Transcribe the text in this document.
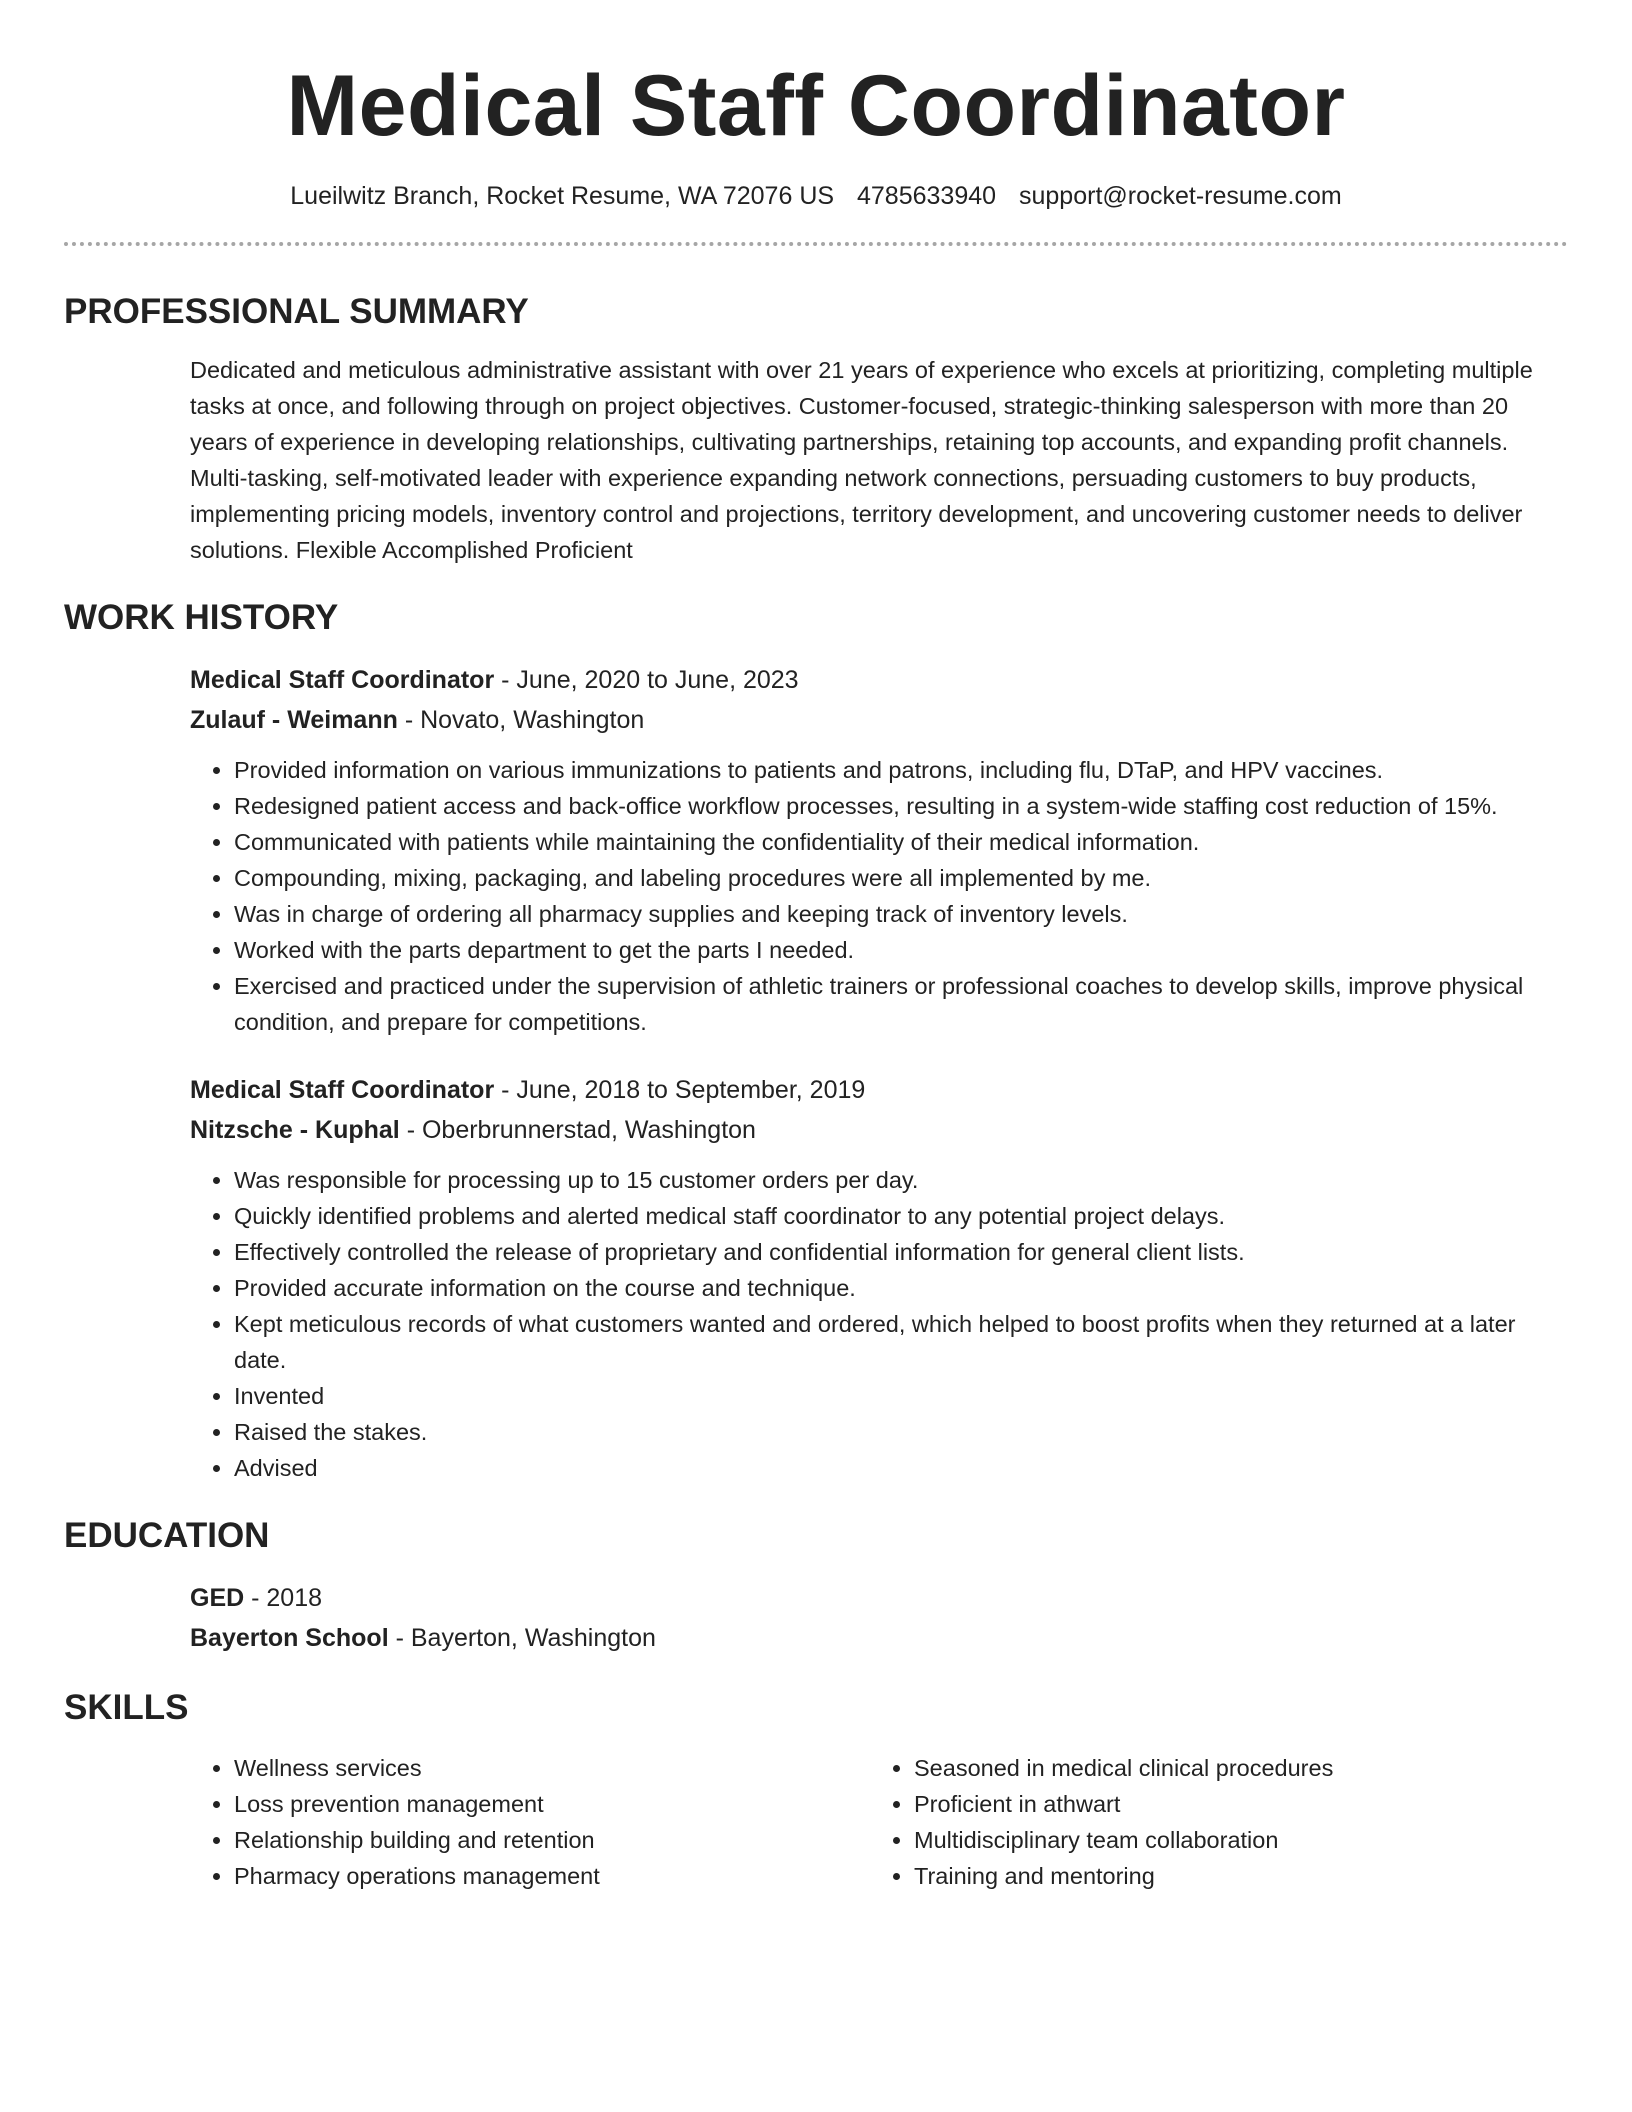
Medical Staff Coordinator
Lueilwitz Branch, Rocket Resume, WA 72076 US 4785633940 support@rocket-resume.com
PROFESSIONAL SUMMARY

Dedicated and meticulous administrative assistant with over 21 years of experience who excels at prioritizing, completing multiple tasks at once, and following through on project objectives. Customer-focused, strategic-thinking salesperson with more than 20 years of experience in developing relationships, cultivating partnerships, retaining top accounts, and expanding profit channels. Multi-tasking, self-motivated leader with experience expanding network connections, persuading customers to buy products, implementing pricing models, inventory control and projections, territory development, and uncovering customer needs to deliver solutions. Flexible Accomplished Proficient

WORK HISTORY
Medical Staff Coordinator - June, 2020 to June, 2023
Zulauf - Weimann - Novato, Washington
• Provided information on various immunizations to patients and patrons, including flu, DTaP, and HPV vaccines.
• Redesigned patient access and back-office workflow processes, resulting in a system-wide staffing cost reduction of 15%.
• Communicated with patients while maintaining the confidentiality of their medical information.
• Compounding, mixing, packaging, and labeling procedures were all implemented by me.
• Was in charge of ordering all pharmacy supplies and keeping track of inventory levels.
• Worked with the parts department to get the parts I needed.
• Exercised and practiced under the supervision of athletic trainers or professional coaches to develop skills, improve physical condition, and prepare for competitions.
Medical Staff Coordinator - June, 2018 to September, 2019
Nitzsche - Kuphal - Oberbrunnerstad, Washington
• Was responsible for processing up to 15 customer orders per day.
• Quickly identified problems and alerted medical staff coordinator to any potential project delays.
• Effectively controlled the release of proprietary and confidential information for general client lists.
• Provided accurate information on the course and technique.
• Kept meticulous records of what customers wanted and ordered, which helped to boost profits when they returned at a later date.
• Invented
• Raised the stakes.
• Advised
EDUCATION
GED - 2018
Bayerton School - Bayerton, Washington
SKILLS
• Wellness services
• Loss prevention management
• Relationship building and retention
• Pharmacy operations management
• Seasoned in medical clinical procedures
• Proficient in athwart
• Multidisciplinary team collaboration
• Training and mentoring
